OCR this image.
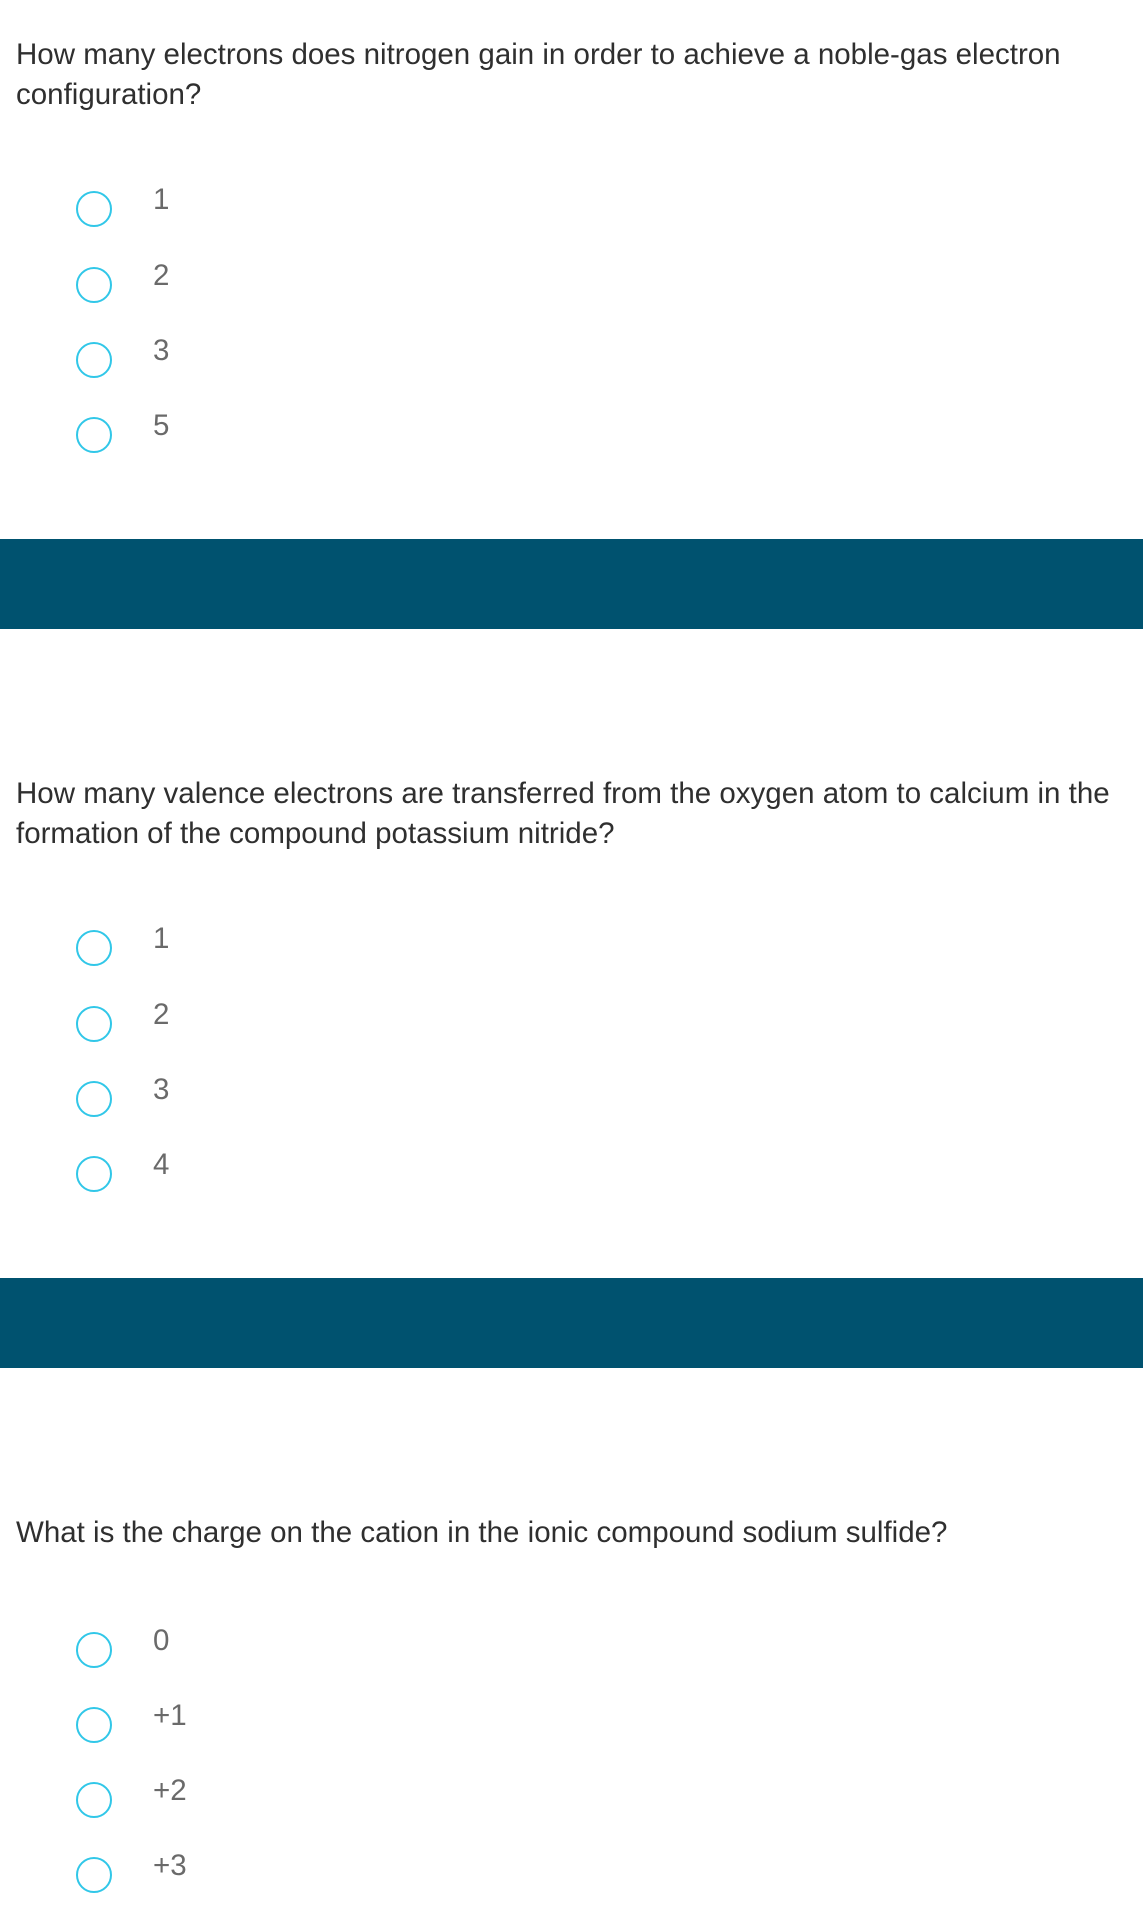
How many electrons does nitrogen gain in order to achieve a noble-gas electron configuration?
1
2
3
5
How many valence electrons are transferred from the oxygen atom to calcium in the formation of the compound potassium nitride?
1
2
3
4
What is the charge on the cation in the ionic compound sodium sulfide?
0
+1
+2
+3
